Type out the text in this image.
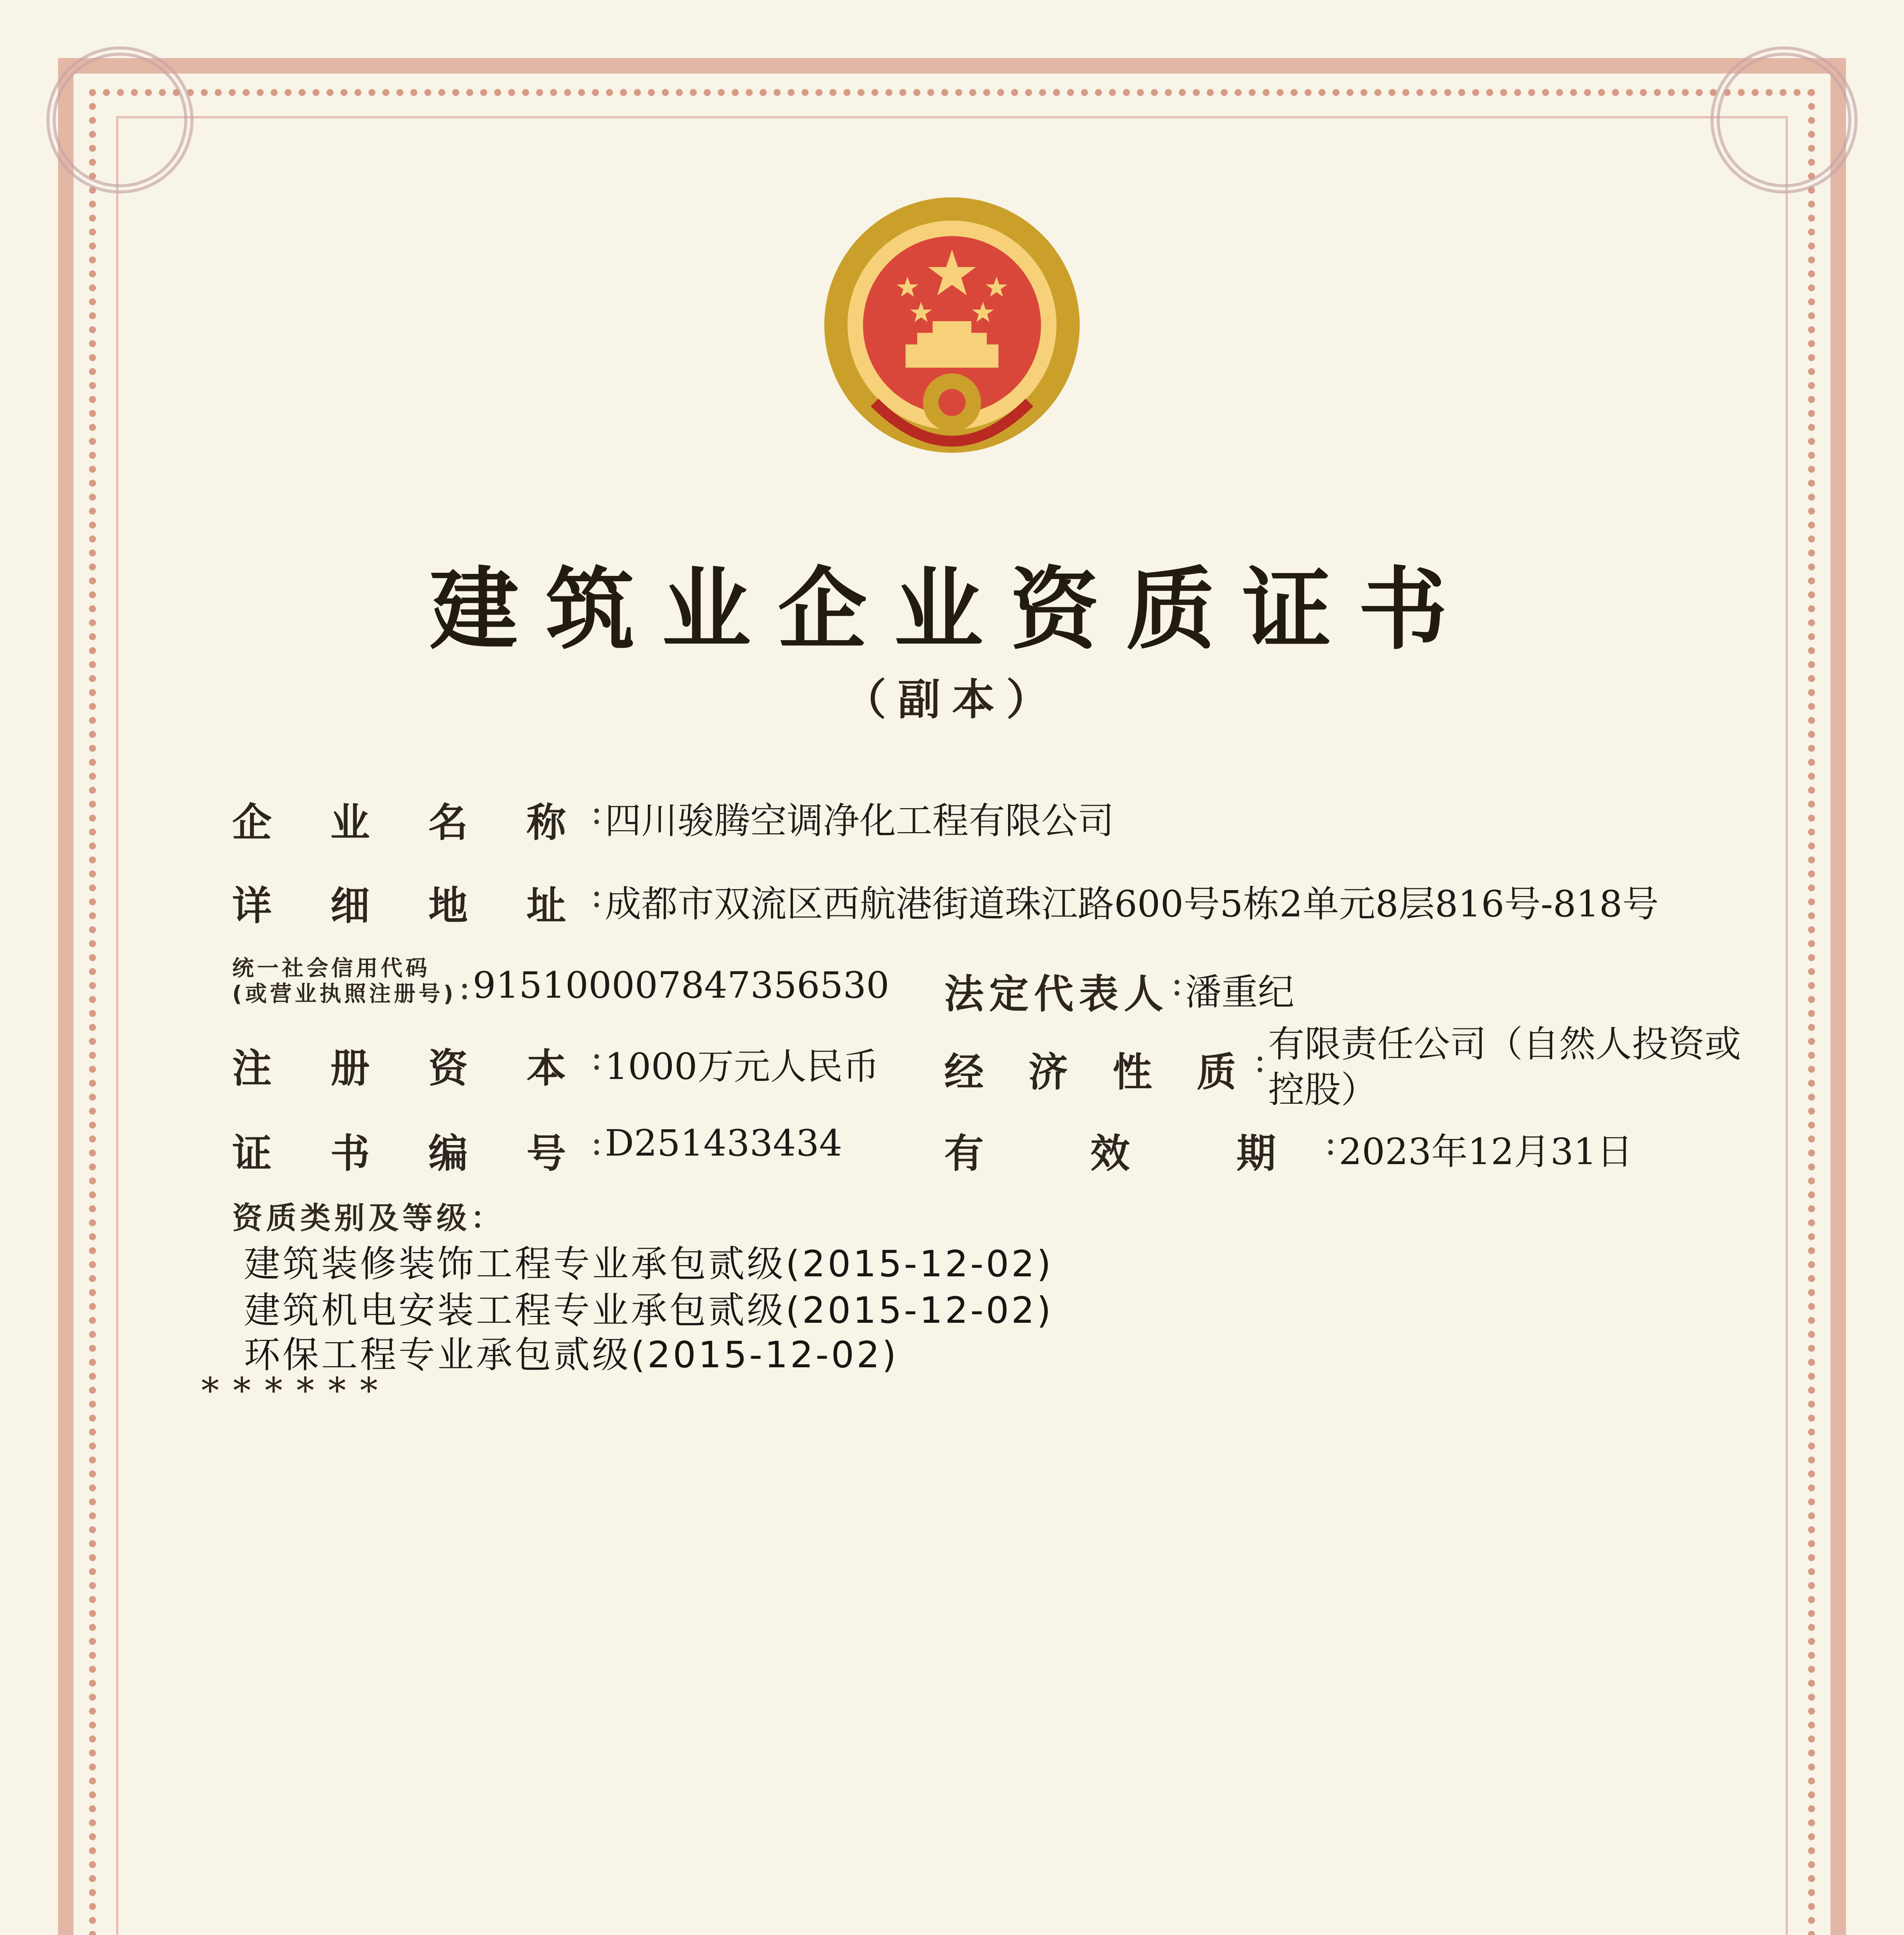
建筑业企业资质证书
（副本）
企 业 名 称 : 四川骏腾空调净化工程有限公司
详 细 地 址 : 成都市双流区西航港街道珠江路600号5栋2单元8层816号-818号
统一社会信用代码
(或营业执照注册号) : 915100007847356530 法定代表人 : 潘重纪
注 册 资 本 : 1000万元人民币 经 济 性 质 : 有限责任公司（自然人投资或控股）
证 书 编 号 : D251433434	有 效 期 : 2023年12月31日
资质类别及等级：
建筑装修装饰工程专业承包贰级(2015-12-02)
建筑机电安装工程专业承包贰级(2015-12-02)
环保工程专业承包贰级(2015-12-02)
******
